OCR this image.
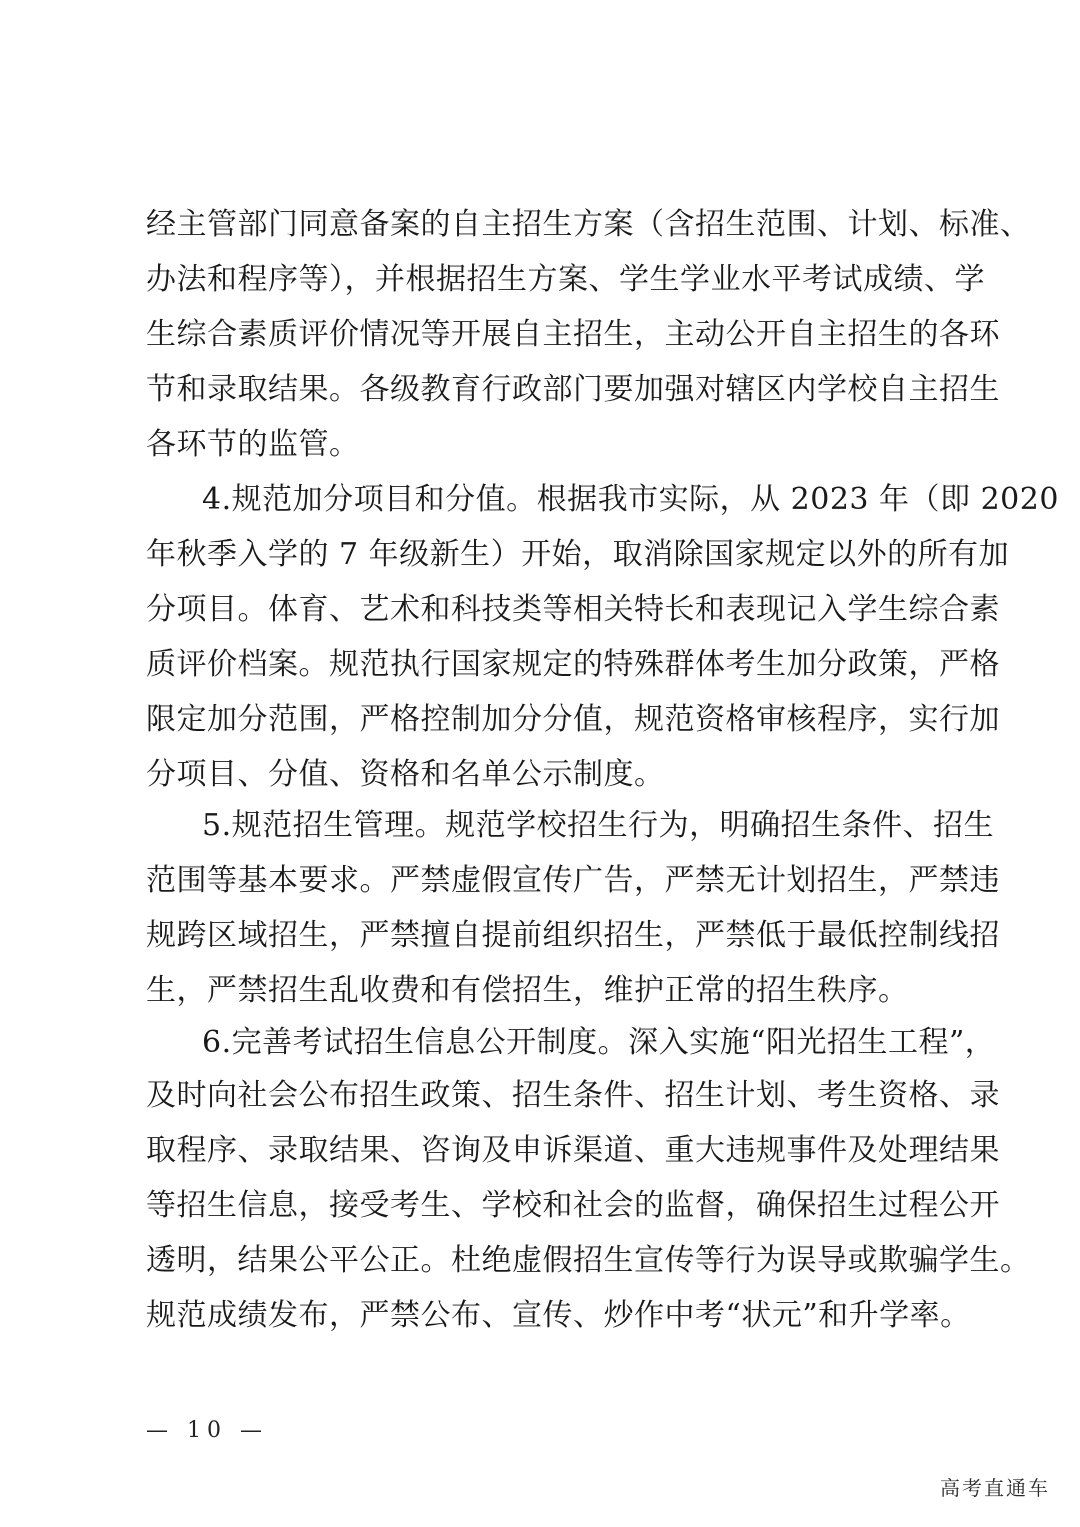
经主管部门同意备案的自主招生方案（含招生范围、计划、标准、
办法和程序等），并根据招生方案、学生学业水平考试成绩、学
生综合素质评价情况等开展自主招生，主动公开自主招生的各环
节和录取结果。各级教育行政部门要加强对辖区内学校自主招生
各环节的监管。
4.规范加分项目和分值。根据我市实际，从 2023 年（即 2020
年秋季入学的 7 年级新生）开始，取消除国家规定以外的所有加
分项目。体育、艺术和科技类等相关特长和表现记入学生综合素
质评价档案。规范执行国家规定的特殊群体考生加分政策，严格
限定加分范围，严格控制加分分值，规范资格审核程序，实行加
分项目、分值、资格和名单公示制度。
5.规范招生管理。规范学校招生行为，明确招生条件、招生
范围等基本要求。严禁虚假宣传广告，严禁无计划招生，严禁违
规跨区域招生，严禁擅自提前组织招生，严禁低于最低控制线招
生，严禁招生乱收费和有偿招生，维护正常的招生秩序。
6.完善考试招生信息公开制度。深入实施“阳光招生工程”，
及时向社会公布招生政策、招生条件、招生计划、考生资格、录
取程序、录取结果、咨询及申诉渠道、重大违规事件及处理结果
等招生信息，接受考生、学校和社会的监督，确保招生过程公开
透明，结果公平公正。杜绝虚假招生宣传等行为误导或欺骗学生。
规范成绩发布，严禁公布、宣传、炒作中考“状元”和升学率。
— 10 —
高考直通车
